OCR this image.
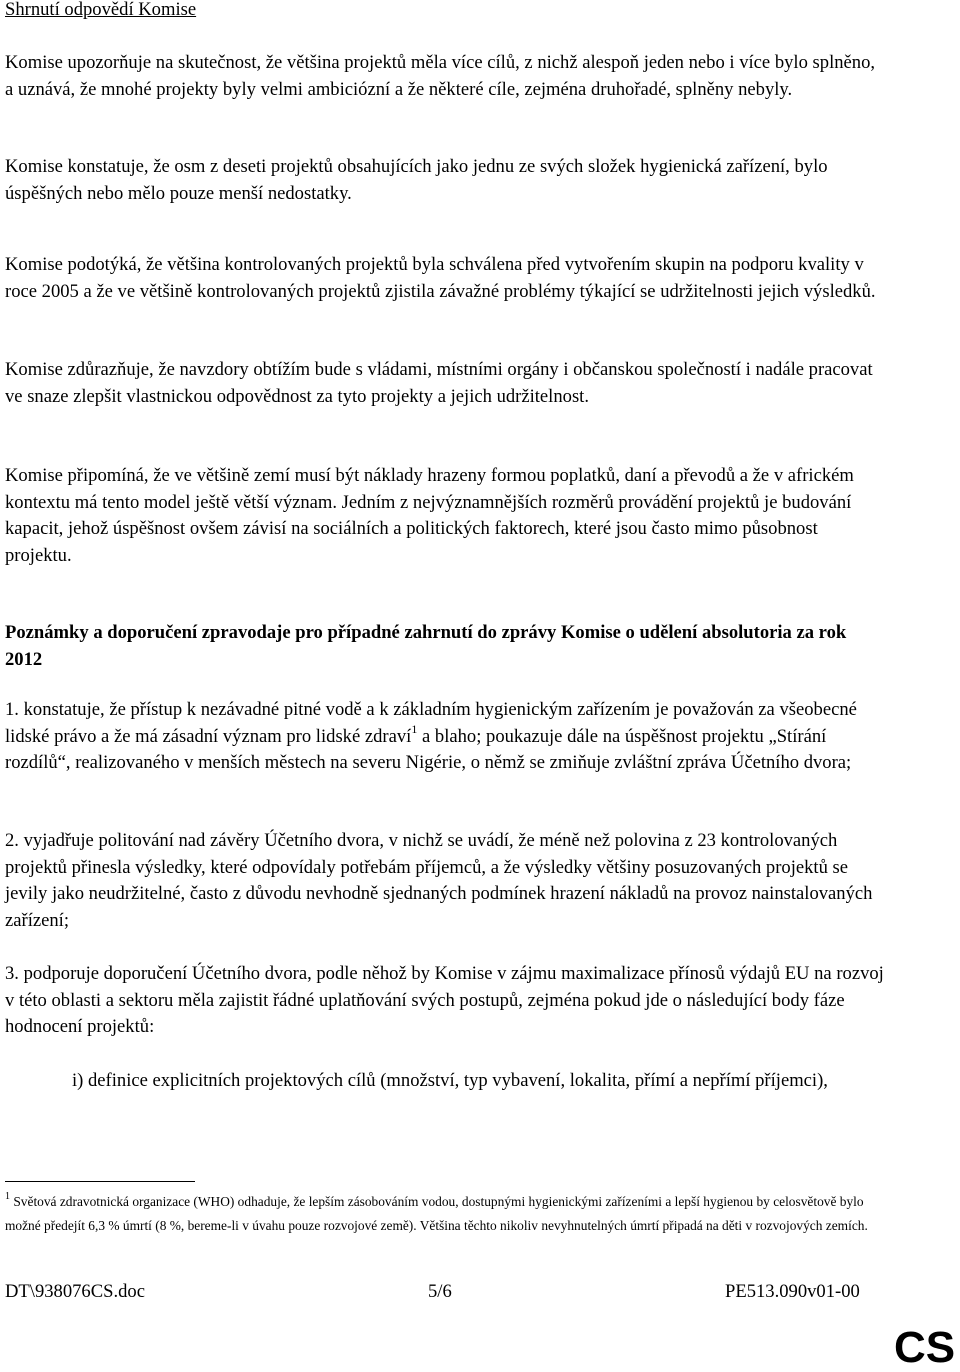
Shrnutí odpovědí Komise
Komise upozorňuje na skutečnost, že většina projektů měla více cílů, z nichž alespoň jeden nebo i více bylo splněno, a uznává, že mnohé projekty byly velmi ambiciózní a že některé cíle, zejména druhořadé, splněny nebyly.
Komise konstatuje, že osm z deseti projektů obsahujících jako jednu ze svých složek hygienická zařízení, bylo úspěšných nebo mělo pouze menší nedostatky.
Komise podotýká, že většina kontrolovaných projektů byla schválena před vytvořením skupin na podporu kvality v roce 2005 a že ve většině kontrolovaných projektů zjistila závažné problémy týkající se udržitelnosti jejich výsledků.
Komise zdůrazňuje, že navzdory obtížím bude s vládami, místními orgány i občanskou společností i nadále pracovat ve snaze zlepšit vlastnickou odpovědnost za tyto projekty a jejich udržitelnost.
Komise připomíná, že ve většině zemí musí být náklady hrazeny formou poplatků, daní a převodů a že v africkém kontextu má tento model ještě větší význam. Jedním z nejvýznamnějších rozměrů provádění projektů je budování kapacit, jehož úspěšnost ovšem závisí na sociálních a politických faktorech, které jsou často mimo působnost projektu.
Poznámky a doporučení zpravodaje pro případné zahrnutí do zprávy Komise o udělení absolutoria za rok 2012
1. konstatuje, že přístup k nezávadné pitné vodě a k základním hygienickým zařízením je považován za všeobecné lidské právo a že má zásadní význam pro lidské zdraví$^1$ a blaho; poukazuje dále na úspěšnost projektu „Stírání rozdílů“, realizovaného v menších městech na severu Nigérie, o němž se zmiňuje zvláštní zpráva Účetního dvora;
2. vyjadřuje politování nad závěry Účetního dvora, v nichž se uvádí, že méně než polovina z 23 kontrolovaných projektů přinesla výsledky, které odpovídaly potřebám příjemců, a že výsledky většiny posuzovaných projektů se jevily jako neudržitelné, často z důvodu nevhodně sjednaných podmínek hrazení nákladů na provoz nainstalovaných zařízení;
3. podporuje doporučení Účetního dvora, podle něhož by Komise v zájmu maximalizace přínosů výdajů EU na rozvoj v této oblasti a sektoru měla zajistit řádné uplatňování svých postupů, zejména pokud jde o následující body fáze hodnocení projektů:
i) definice explicitních projektových cílů (množství, typ vybavení, lokalita, přímí a nepřímí příjemci),
$^1$ Světová zdravotnická organizace (WHO) odhaduje, že lepším zásobováním vodou, dostupnými hygienickými zařízeními a lepší hygienou by celosvětově bylo možné předejít 6,3 % úmrtí (8 %, bereme-li v úvahu pouze rozvojové země). Většina těchto nikoliv nevyhnutelných úmrtí připadá na děti v rozvojových zemích.
DT\938076CS.doc	5/6	PE513.090v01-00
CS
